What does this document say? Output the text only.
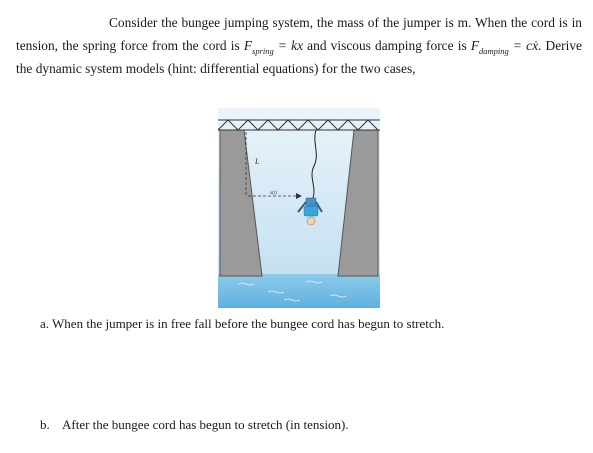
Consider the bungee jumping system, the mass of the jumper is m. When the cord is in tension, the spring force from the cord is $F_{spring}$ = kx and viscous damping force is $F_{damping}$ = cẋ. Derive the dynamic system models (hint: differential equations) for the two cases,
L
x(t)
a. When the jumper is in free fall before the bungee cord has begun to stretch.
b. After the bungee cord has begun to stretch (in tension).
